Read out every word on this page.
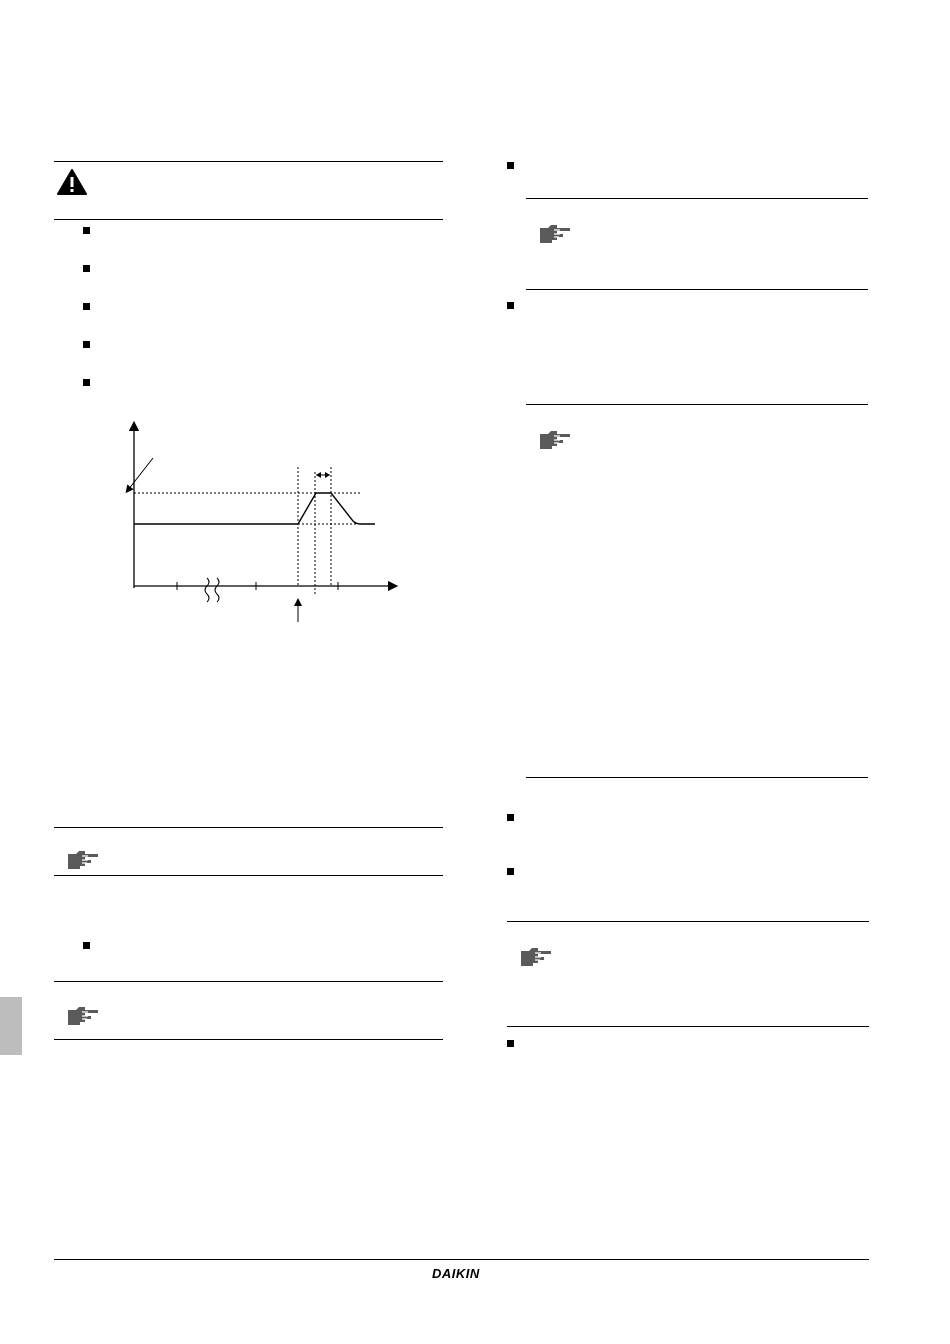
DAIKIN
